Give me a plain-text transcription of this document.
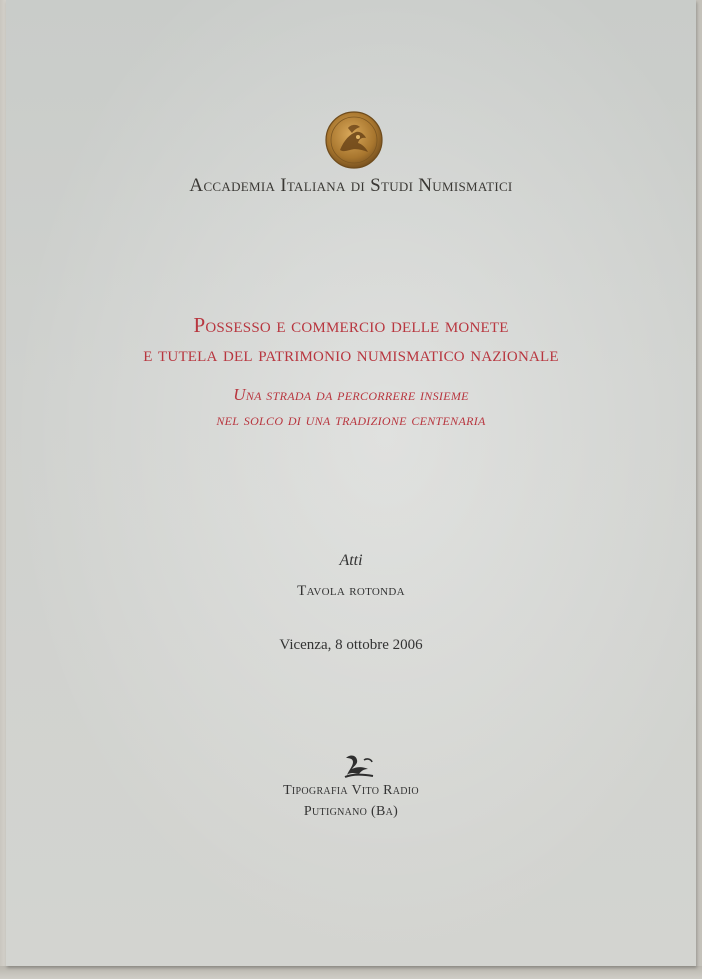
Accademia Italiana di Studi Numismatici
Possesso e commercio delle monete
e tutela del patrimonio numismatico nazionale
Una strada da percorrere insieme
nel solco di una tradizione centenaria
Atti
Tavola rotonda
Vicenza, 8 ottobre 2006
Tipografia Vito Radio
Putignano (Ba)
